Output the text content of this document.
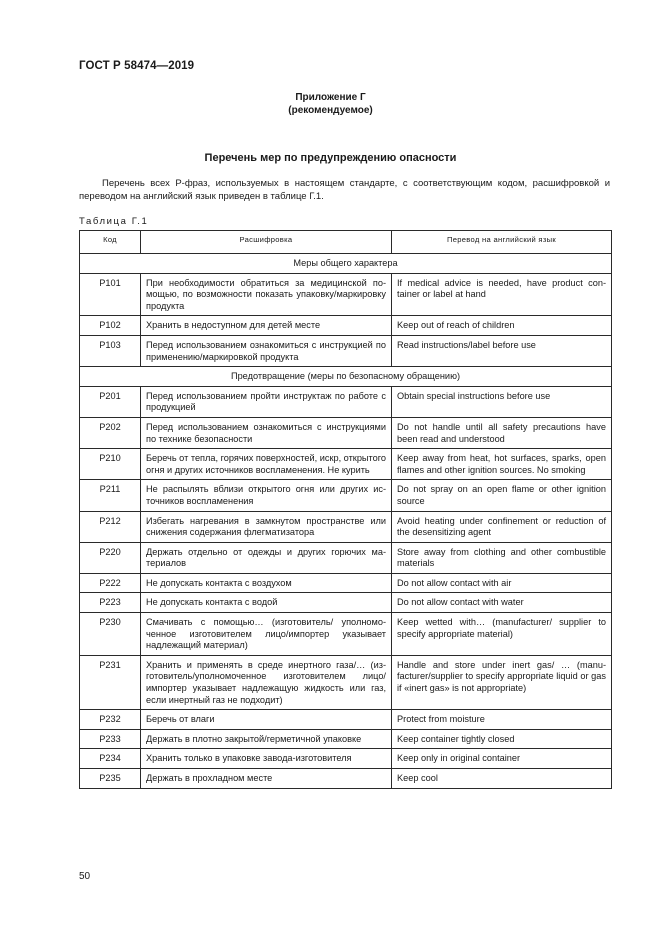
ГОСТ Р 58474—2019
Приложение Г
(рекомендуемое)
Перечень мер по предупреждению опасности
Перечень всех Р-фраз, используемых в настоящем стандарте, с соответствующим кодом, расшифровкой и переводом на английский язык приведен в таблице Г.1.
Таблица Г.1
Код	Расшифровка	Перевод на английский язык
Меры общего характера		
P101	При необходимости обратиться за медицинской помощью, по возможности показать упаковку/маркировку продукта	If medical advice is needed, have product container or label at hand
P102	Хранить в недоступном для детей месте	Keep out of reach of children
P103	Перед использованием ознакомиться с инструкцией по применению/маркировкой продукта	Read instructions/label before use
Предотвращение (меры по безопасному обращению)		
P201	Перед использованием пройти инструктаж по работе с продукцией	Obtain special instructions before use
P202	Перед использованием ознакомиться с инструкциями по технике безопасности	Do not handle until all safety precautions have been read and understood
P210	Беречь от тепла, горячих поверхностей, искр, открытого огня и других источников воспламенения. Не курить	Keep away from heat, hot surfaces, sparks, open flames and other ignition sources. No smoking
P211	Не распылять вблизи открытого огня или других источников воспламенения	Do not spray on an open flame or other ignition source
P212	Избегать нагревания в замкнутом пространстве или снижения содержания флегматизатора	Avoid heating under confinement or reduction of the desensitizing agent
P220	Держать отдельно от одежды и других горючих материалов	Store away from clothing and other combustible materials
P222	Не допускать контакта с воздухом	Do not allow contact with air
P223	Не допускать контакта с водой	Do not allow contact with water
P230	Смачивать с помощью… (изготовитель/ уполномоченное изготовителем лицо/импортер указывает надлежащий материал)	Keep wetted with… (manufacturer/ supplier to specify appropriate material)
P231	Хранить и применять в среде инертного газа/… (изготовитель/уполномоченное изготовителем лицо/ импортер указывает надлежащую жидкость или газ, если инертный газ не подходит)	Handle and store under inert gas/ … (manufacturer/supplier to specify appropriate liquid or gas if «inert gas» is not appropriate)
P232	Беречь от влаги	Protect from moisture
P233	Держать в плотно закрытой/герметичной упаковке	Keep container tightly closed
P234	Хранить только в упаковке завода-изготовителя	Keep only in original container
P235	Держать в прохладном месте	Keep cool
50
